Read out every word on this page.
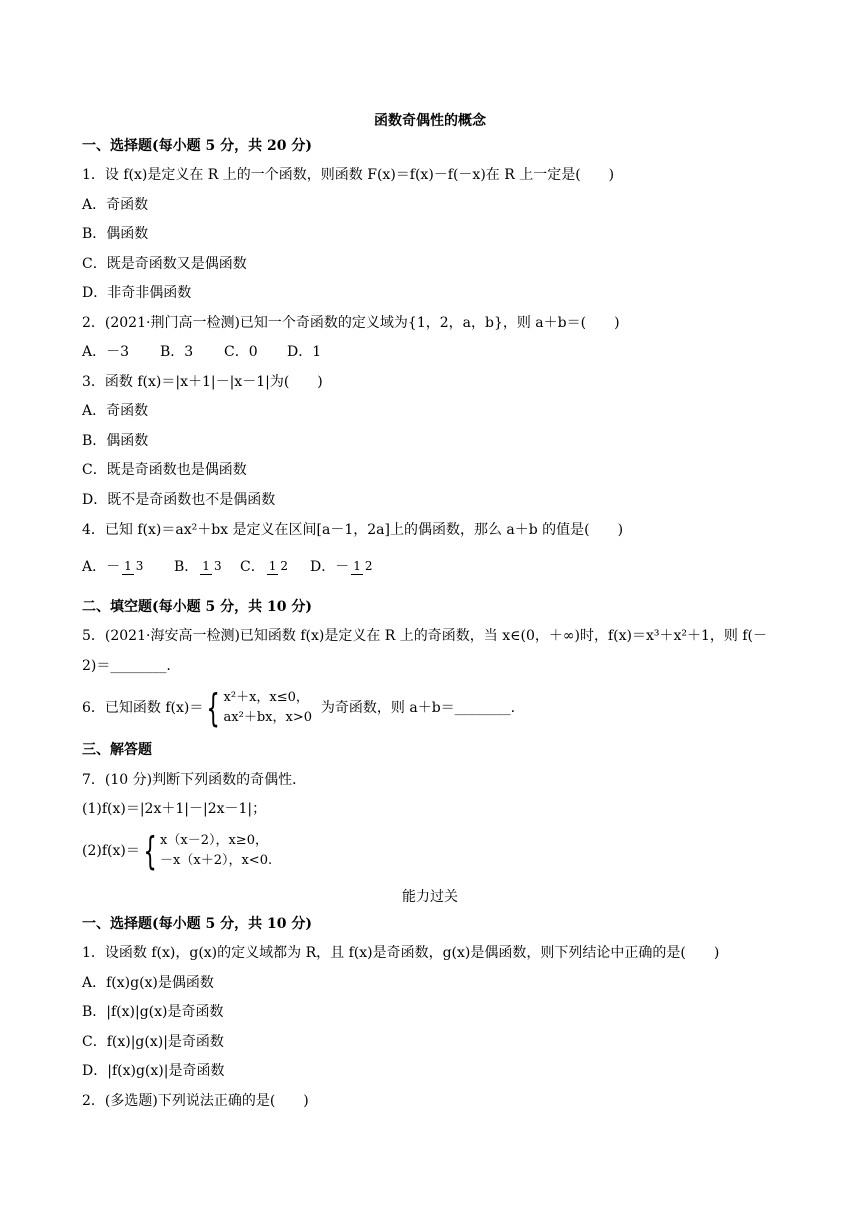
函数奇偶性的概念
一、选择题(每小题 5 分，共 20 分)
1．设 f(x)是定义在 R 上的一个函数，则函数 F(x)＝f(x)－f(－x)在 R 上一定是(　　)
A．奇函数
B．偶函数
C．既是奇函数又是偶函数
D．非奇非偶函数
2．(2021·荆门高一检测)已知一个奇函数的定义域为{1，2，a，b}，则 a＋b＝(　　)
A．－3 B．3 C．0 D．1
3．函数 f(x)＝|x＋1|－|x－1|为(　　)
A．奇函数
B．偶函数
C．既是奇函数也是偶函数
D．既不是奇函数也不是偶函数
4．已知 f(x)＝ax²＋bx 是定义在区间[a－1，2a]上的偶函数，那么 a＋b 的值是(　　)
A．－ 1 3 B． 1 3 C． 1 2 D．－ 1 2
二、填空题(每小题 5 分，共 10 分)
5．(2021·海安高一检测)已知函数 f(x)是定义在 R 上的奇函数，当 x∈(0，＋∞)时，f(x)＝x³＋x²＋1，则 f(－
2)＝________.
6．已知函数 f(x)＝ { x²＋x，x≤0，
ax²＋bx，x>0
为奇函数，则 a＋b＝________.
三、解答题
7．(10 分)判断下列函数的奇偶性．
(1)f(x)＝|2x＋1|－|2x－1|；
(2)f(x)＝ { x（x－2），x≥0，
－x（x＋2），x<0.
能力过关
一、选择题(每小题 5 分，共 10 分)
1．设函数 f(x)，g(x)的定义域都为 R，且 f(x)是奇函数，g(x)是偶函数，则下列结论中正确的是(　　)
A．f(x)g(x)是偶函数
B．|f(x)|g(x)是奇函数
C．f(x)|g(x)|是奇函数
D．|f(x)g(x)|是奇函数
2．(多选题)下列说法正确的是(　　)
